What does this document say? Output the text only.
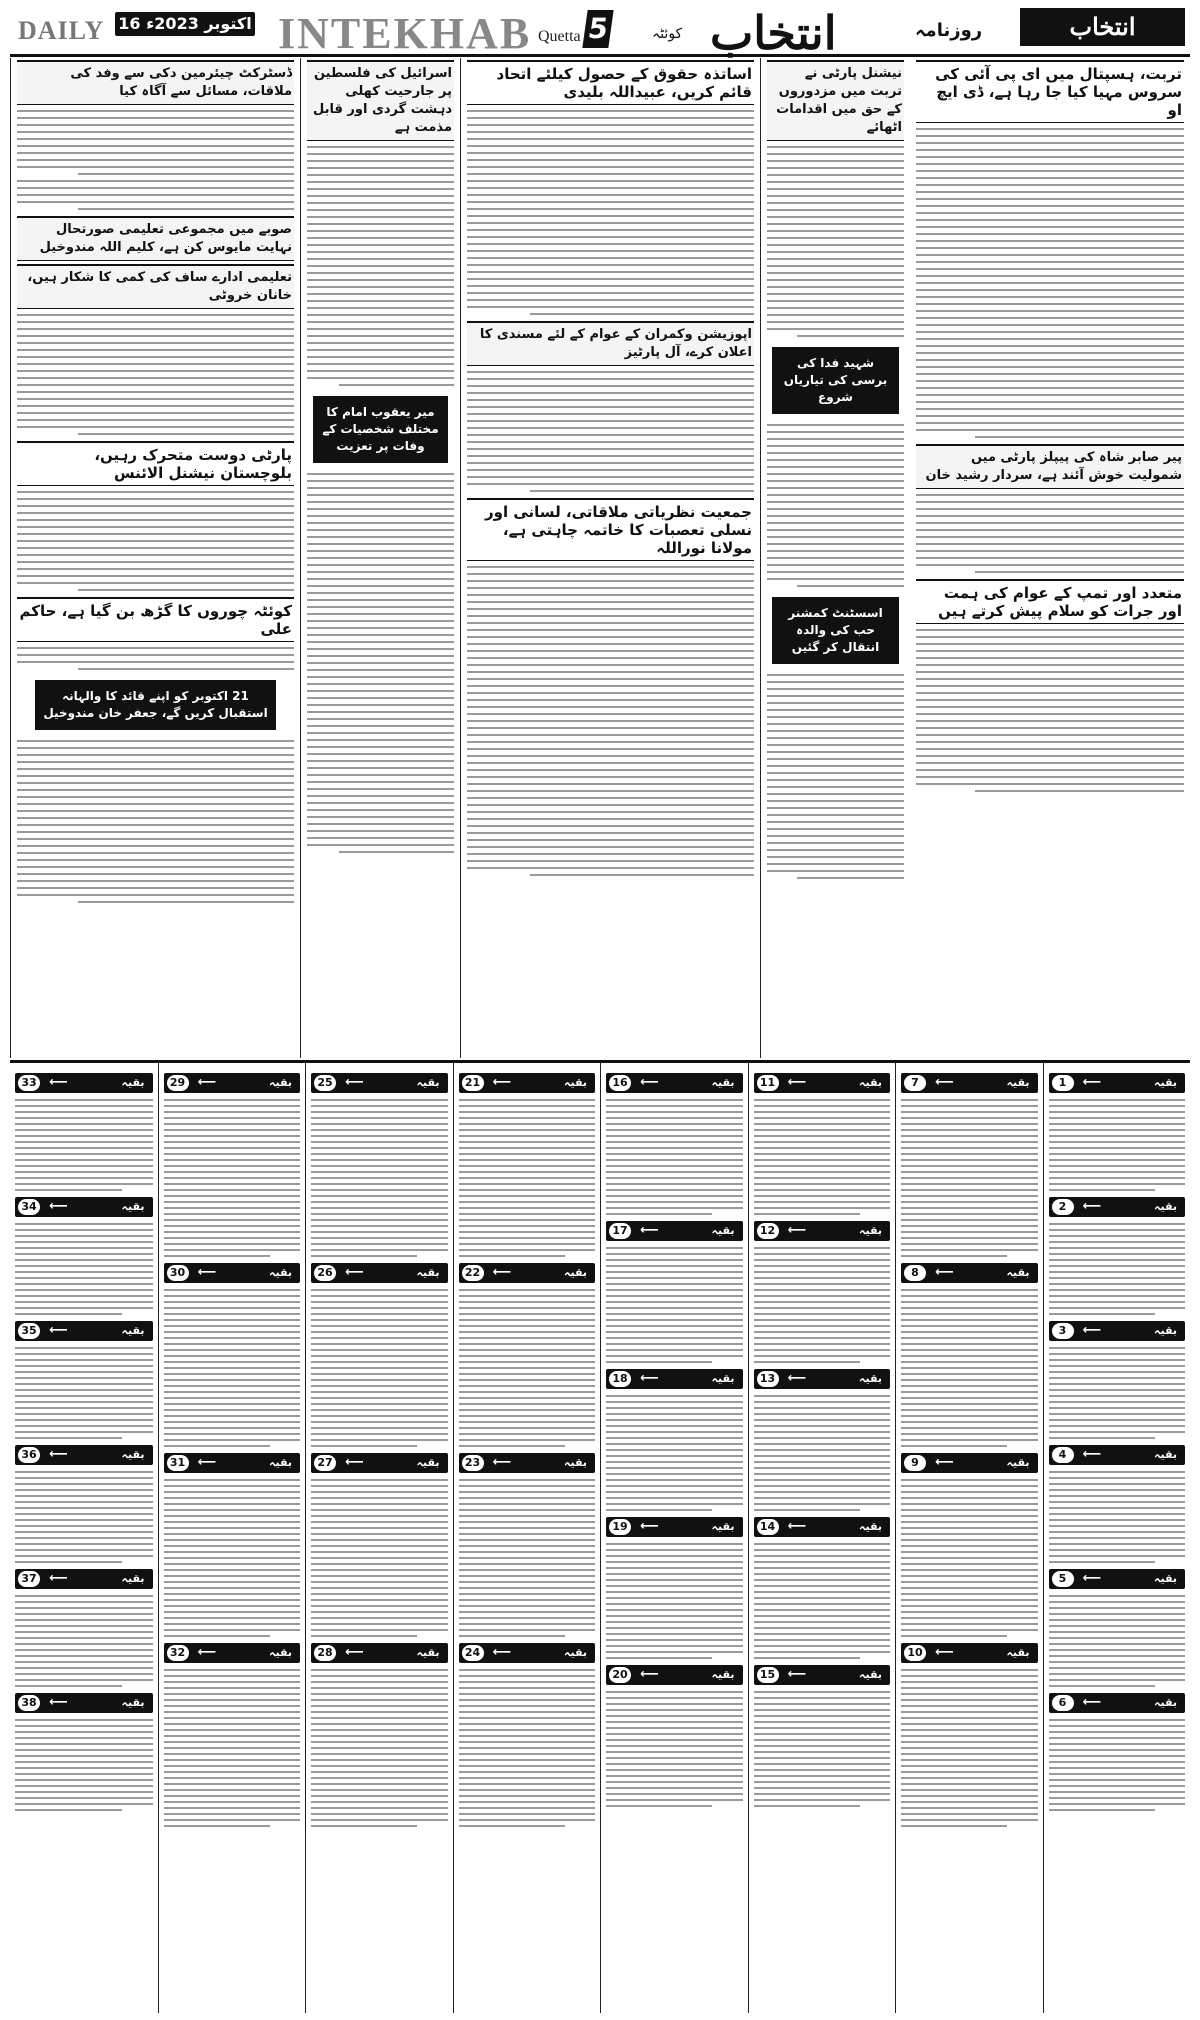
DAILY 16 اکتوبر 2023ء INTEKHAB Quetta 5	کوئٹہ انتخاب	روزنامہ	انتخاب
ڈسٹرکٹ چیئرمین دکی سے وفد کی ملاقات، مسائل سے آگاہ کیا
صوبے میں مجموعی تعلیمی صورتحال نہایت مایوس کن ہے، کلیم اللہ مندوخیل
تعلیمی ادارے ساف کی کمی کا شکار ہیں، خانان خروٹی
پارٹی دوست متحرک رہیں، بلوچستان نیشنل الائنس
کوئٹہ چوروں کا گڑھ بن گیا ہے، حاکم علی
21 اکتوبر کو اپنے قائد کا والہانہ استقبال کریں گے، جعفر خان مندوخیل
اسرائیل کی فلسطین پر جارحیت کھلی دہشت گردی اور قابل مذمت ہے
میر یعقوب امام کا مختلف شخصیات کے وفات پر تعزیت
اساتذہ حقوق کے حصول کیلئے اتحاد قائم کریں، عبیداللہ بلیدی
اپوزیشن وکمران کے عوام کے لئے مسندی کا اعلان کرے، آل پارٹیز
جمعیت نظریاتی ملاقاتی، لسانی اور نسلی تعصبات کا خاتمہ چاہتی ہے، مولانا نوراللہ
نیشنل پارٹی نے تربت میں مزدوروں کے حق میں اقدامات اٹھائے
شہید فدا کی برسی کی تیاریاں شروع
اسسٹنٹ کمشنر حب کی والدہ انتقال کر گئیں
تربت، ہسپتال میں ای پی آئی کی سروس مہیا کیا جا رہا ہے، ڈی ایچ او
پیر صابر شاہ کی پیپلز پارٹی میں شمولیت خوش آئند ہے، سردار رشید خان
متعدد اور تمپ کے عوام کی ہمت اور جرات کو سلام پیش کرتے ہیں
1	⟵	بقیہ
2	⟵	بقیہ
3	⟵	بقیہ
4	⟵	بقیہ
5	⟵	بقیہ
6	⟵	بقیہ
7	⟵	بقیہ
8	⟵	بقیہ
9	⟵	بقیہ
10 ⟵	بقیہ
11 ⟵	بقیہ
12 ⟵	بقیہ
13 ⟵	بقیہ
14 ⟵	بقیہ
15 ⟵	بقیہ
16 ⟵	بقیہ
17 ⟵	بقیہ
18 ⟵	بقیہ
19 ⟵	بقیہ
20 ⟵	بقیہ
21 ⟵	بقیہ
22 ⟵	بقیہ
23 ⟵	بقیہ
24 ⟵	بقیہ
25 ⟵	بقیہ
26 ⟵	بقیہ
27 ⟵	بقیہ
28 ⟵	بقیہ
29 ⟵	بقیہ
30 ⟵	بقیہ
31 ⟵	بقیہ
32 ⟵	بقیہ
33 ⟵	بقیہ
34 ⟵	بقیہ
35 ⟵	بقیہ
36 ⟵	بقیہ
37 ⟵	بقیہ
38 ⟵	بقیہ
